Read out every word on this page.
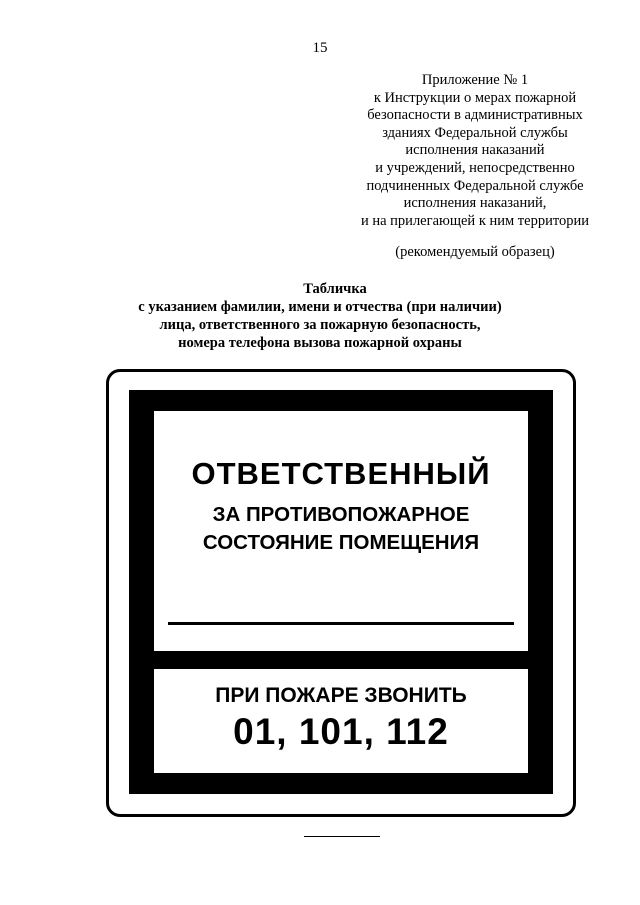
15
Приложение № 1
к Инструкции о мерах пожарной
безопасности в административных
зданиях Федеральной службы
исполнения наказаний
и учреждений, непосредственно
подчиненных Федеральной службе
исполнения наказаний,
и на прилегающей к ним территории
(рекомендуемый образец)
Табличка
с указанием фамилии, имени и отчества (при наличии)
лица, ответственного за пожарную безопасность,
номера телефона вызова пожарной охраны
ОТВЕТСТВЕННЫЙ
ЗА ПРОТИВОПОЖАРНОЕ
СОСТОЯНИЕ ПОМЕЩЕНИЯ
ПРИ ПОЖАРЕ ЗВОНИТЬ
01, 101, 112
